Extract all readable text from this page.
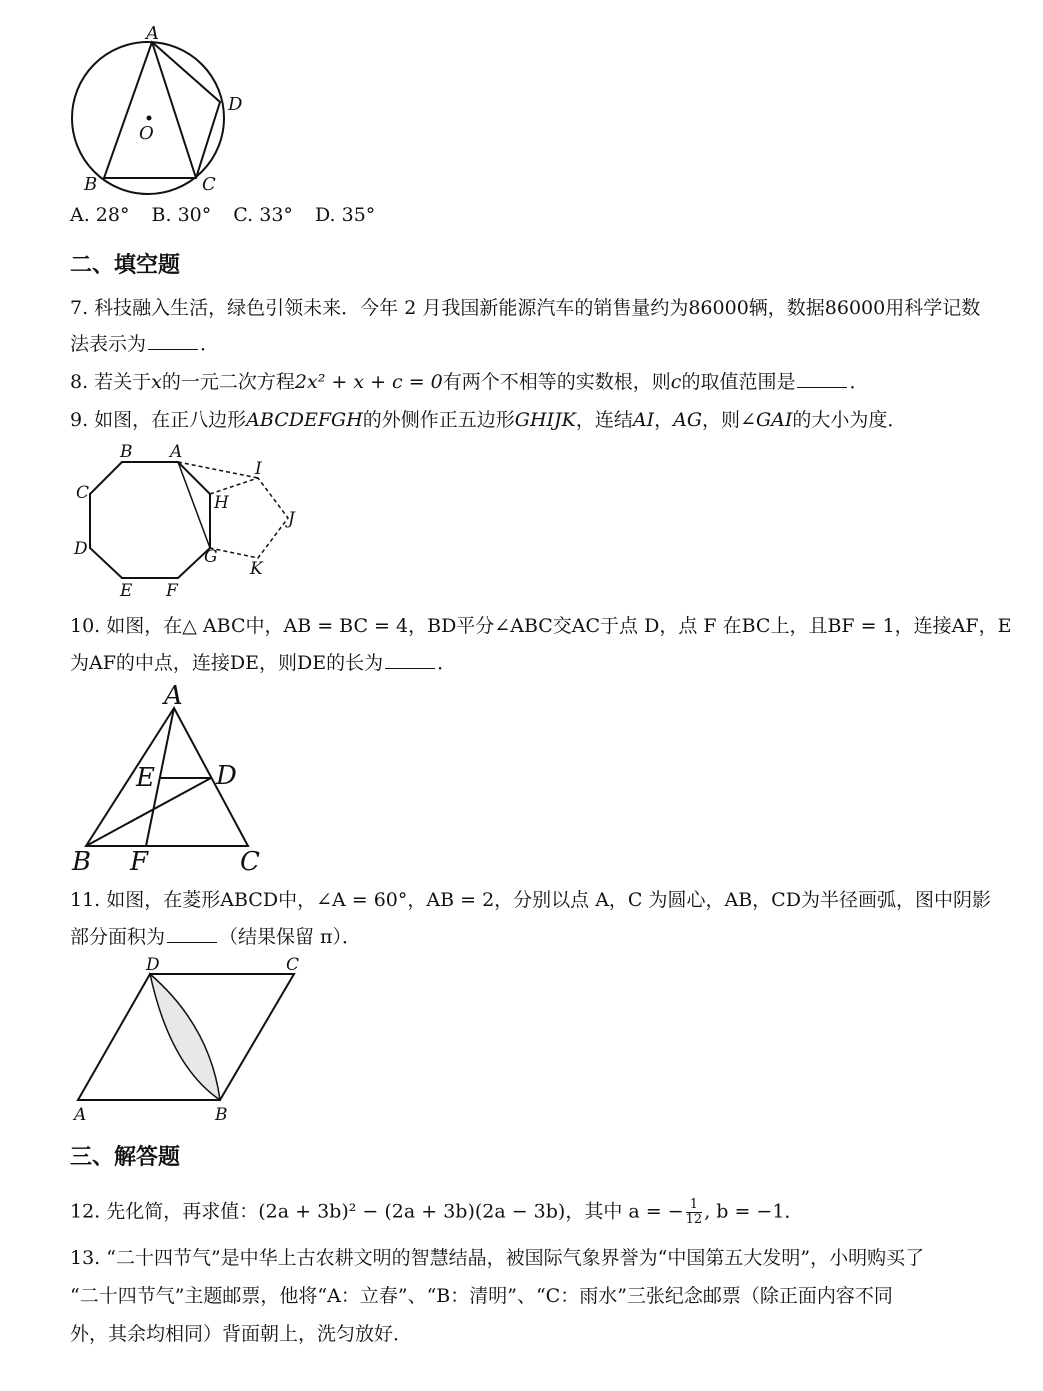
A
D
O
B	C
A. 28° B. 30° C. 33° D. 35°
二、填空题
7. 科技融入生活，绿色引领未来．今年 2 月我国新能源汽车的销售量约为86000辆，数据86000用科学记数
法表示为	．
8. 若关于x的一元二次方程2x² + x + c = 0有两个不相等的实数根，则c的取值范围是	．
9. 如图，在正八边形ABCDEFGH的外侧作正五边形GHIJK，连结AI，AG，则∠GAI的大小为度．
B A
I
C	H
J
D	G
K
E F
10. 如图，在△ ABC中，AB = BC = 4，BD平分∠ABC交AC于点 D，点 F 在BC上，且BF = 1，连接AF，E
为AF的中点，连接DE，则DE的长为	．
A
E D
B F	C
11. 如图，在菱形ABCD中，∠A = 60°，AB = 2，分别以点 A，C 为圆心，AB，CD为半径画弧，图中阴影
部分面积为	（结果保留 π）．
D	C
A	B
三、解答题
12. 先化简，再求值：(2a + 3b)² − (2a + 3b)(2a − 3b)，其中 a = − $\frac{1}{12}$ , b = −1．
13. “二十四节气”是中华上古农耕文明的智慧结晶，被国际气象界誉为“中国第五大发明”，小明购买了
“二十四节气”主题邮票，他将“A：立春”、“B：清明”、“C：雨水”三张纪念邮票（除正面内容不同
外，其余均相同）背面朝上，洗匀放好．
